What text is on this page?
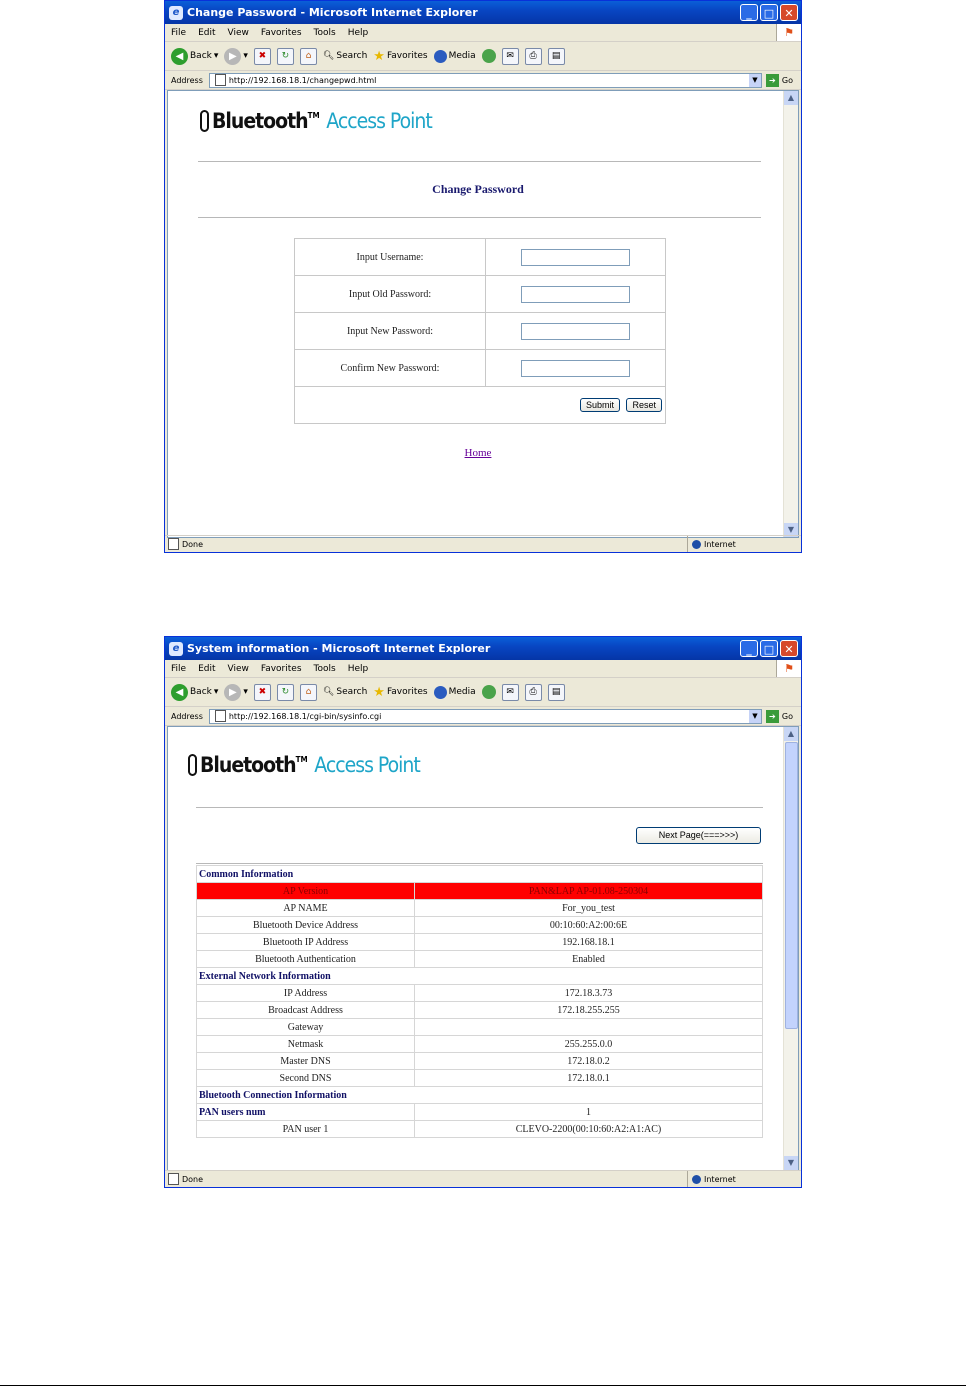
e Change Password - Microsoft Internet Explorer	_	□ ✕
File Edit View Favorites Tools Help	⚑
◀ Back ▾	▶ ▾	✖	↻	⌂	🔍︎ Search ★ Favorites Media	✉	⎙	▤
Address	http://192.168.18.1/changepwd.html	▼	➔ Go
Bluetooth™ Access Point
Change Password
Input Username:	
Input Old Password:	
Input New Password:	
Confirm New Password:	
Submit Reset	
Home
▲
▼
Done	Internet
e System information - Microsoft Internet Explorer	_	□ ✕
File Edit View Favorites Tools Help	⚑
◀ Back ▾	▶ ▾	✖	↻	⌂	🔍︎ Search ★ Favorites Media	✉	⎙	▤
Address	http://192.168.18.1/cgi-bin/sysinfo.cgi	▼	➔ Go
Bluetooth™ Access Point
Next Page(===>>>)
Common Information	
AP Version	PAN&LAP AP-01.08-250304
AP NAME	For_you_test
Bluetooth Device Address	00:10:60:A2:00:6E
Bluetooth IP Address	192.168.18.1
Bluetooth Authentication	Enabled
External Network Information	
IP Address	172.18.3.73
Broadcast Address	172.18.255.255
Gateway	
Netmask	255.255.0.0
Master DNS	172.18.0.2
Second DNS	172.18.0.1
Bluetooth Connection Information	
PAN users num	1
PAN user 1	CLEVO-2200(00:10:60:A2:A1:AC)
▲
▼
Done	Internet
